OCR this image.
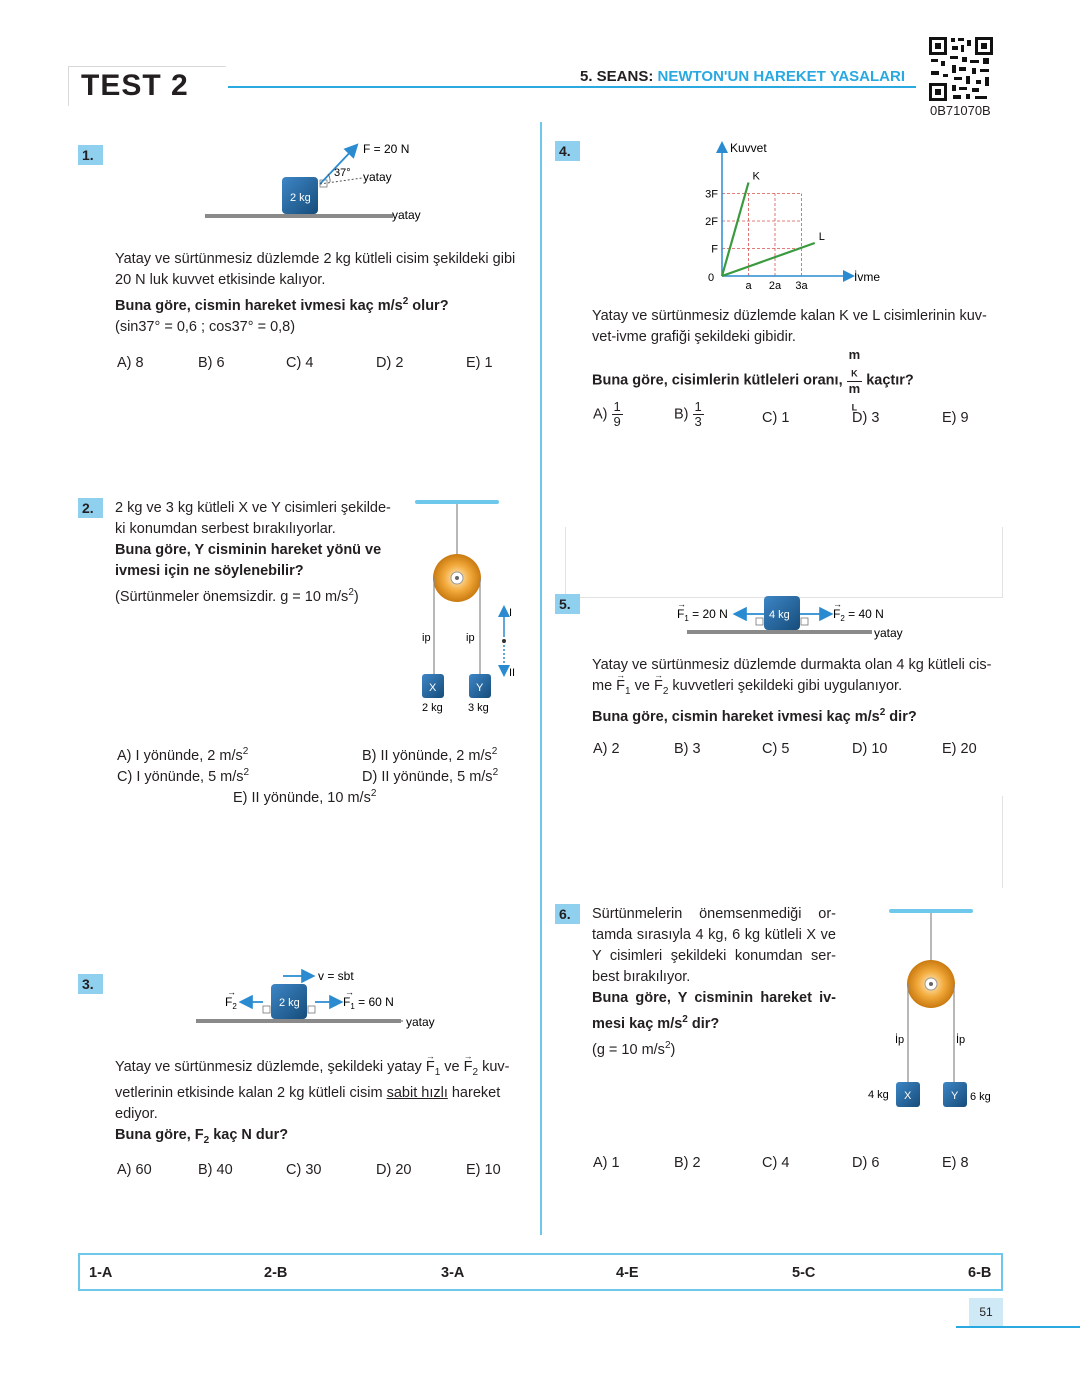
TEST 2	5. SEANS: NEWTON'UN HAREKET YASALARI
0B71070B
1.
2 kg
F = 20 N
37° yatay
yatay
Yatay ve sürtünmesiz düzlemde 2 kg kütleli cisim şekildeki gibi
20 N luk kuvvet etkisinde kalıyor.
Buna göre, cismin hareket ivmesi kaç $m/s^2$ olur?
(sin37° = 0,6 ; cos37° = 0,8)
A) 8	B) 6	C) 4	D) 2	E) 1
2.	2 kg ve 3 kg kütleli X ve Y cisimleri şekilde-
ki konumdan serbest bırakılıyorlar.
Buna göre, Y cisminin hareket yönü ve
ivmesi için ne söylenebilir?
(Sürtünmeler önemsizdir. g = 10 $m/s^2$)
X	Y
ip	ip
2 kg 3 kg
I
II
A) I yönünde, 2 $m/s^2$	B) II yönünde, 2 $m/s^2$
C) I yönünde, 5 $m/s^2$	D) II yönünde, 5 $m/s^2$
E) II yönünde, 10 $m/s^2$
3.
2 kg
v = sbt
$F_2$
→
$F_1 = 60$ N
→
yatay
Yatay ve sürtünmesiz düzlemde, şekildeki yatay → $F_1$ ve → $F_2$ kuv-
vetlerinin etkisinde kalan 2 kg kütleli cisim sabit hızlı hareket
ediyor.
Buna göre, $F_2$ kaç N dur?
A) 60	B) 40	C) 30	D) 20	E) 10
4.
K
L
Kuvvet
İvme
0
F
2F
3F
a 2a 3a
Yatay ve sürtünmesiz düzlemde kalan K ve L cisimlerinin kuv-
vet-ivme grafiği şekildeki gibidir.
Buna göre, cisimlerin kütleleri oranı, m
$_K$
m
$_L$ kaçtır?
$A) \frac{1}{9}$	$B) \frac{1}{3}$	C) 1	D) 3	E) 9
5.
4 kg
$F_1 = 20$ N
→
$F_2 = 40$ N
→
yatay
Yatay ve sürtünmesiz düzlemde durmakta olan 4 kg kütleli cis-
me → $F_1$ ve → $F_2$ kuvvetleri şekildeki gibi uygulanıyor.
Buna göre, cismin hareket ivmesi kaç $m/s^2$ dir?
A) 2	B) 3	C) 5	D) 10	E) 20
6.	Sürtünmelerin önemsenmediği or-
tamda sırasıyla 4 kg, 6 kg kütleli X ve
Y cisimleri şekildeki konumdan ser-
best bırakılıyor.
Buna göre, Y cisminin hareket iv-
mesi kaç $m/s^2$ dir?
(g = 10 $m/s^2$)
X	Y
İp	İp
4 kg	6 kg
A) 1	B) 2	C) 4	D) 6	E) 8
1-A	2-B	3-A	4-E	5-C	6-B
51
